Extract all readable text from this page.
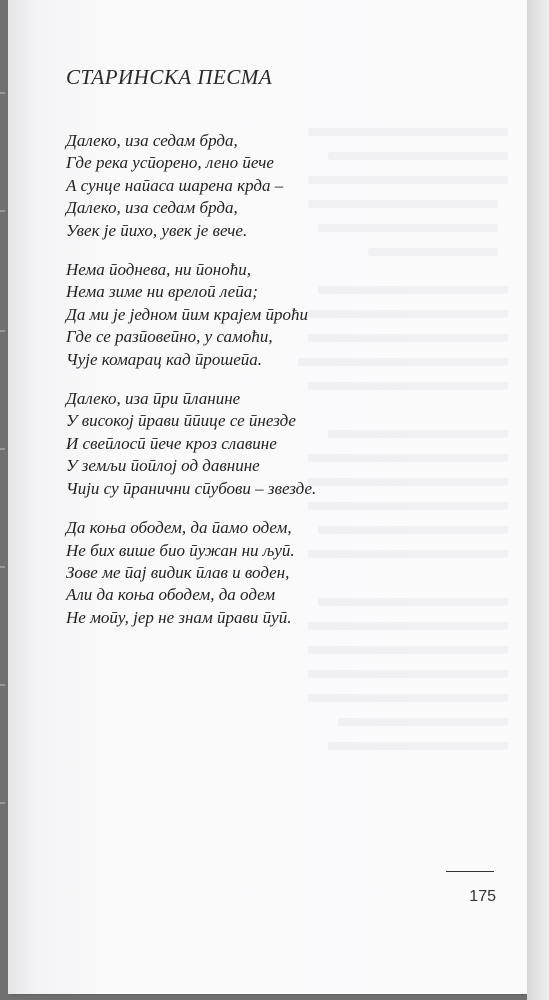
СТАРИНСКА ПЕСМА
Далеко, иза седам брда,
Где река усӣорено, лено ӣече
А сунце наӣаса шарена крда –
Далеко, иза седам брда,
Увек је ӣихо, увек је вече.
Нема ӣоднева, ни ӣоноћи,
Нема зиме ни врелоӣ леӣа;
Да ми је једном ӣим крајем ӣроћи
Где се разӣовеӣно, у самоћи,
Чује комарац кад ӣрошеӣа.
Далеко, иза ӣри ӣланине
У високој ӣрави ӣӣице се ӣнезде
И свеӣлосӣ ӣече кроз славине
У земљи ӣоӣлој од давнине
Чији су ӣранични сӣубови – звезде.
Да коња ободем, да ӣамо одем,
Не бих више био ӣужан ни љуӣ.
Зове ме ӣај видик ӣлав и воден,
Али да коња ободем, да одем
Не моӣу, јер не знам ӣрави ӣуӣ.
175
